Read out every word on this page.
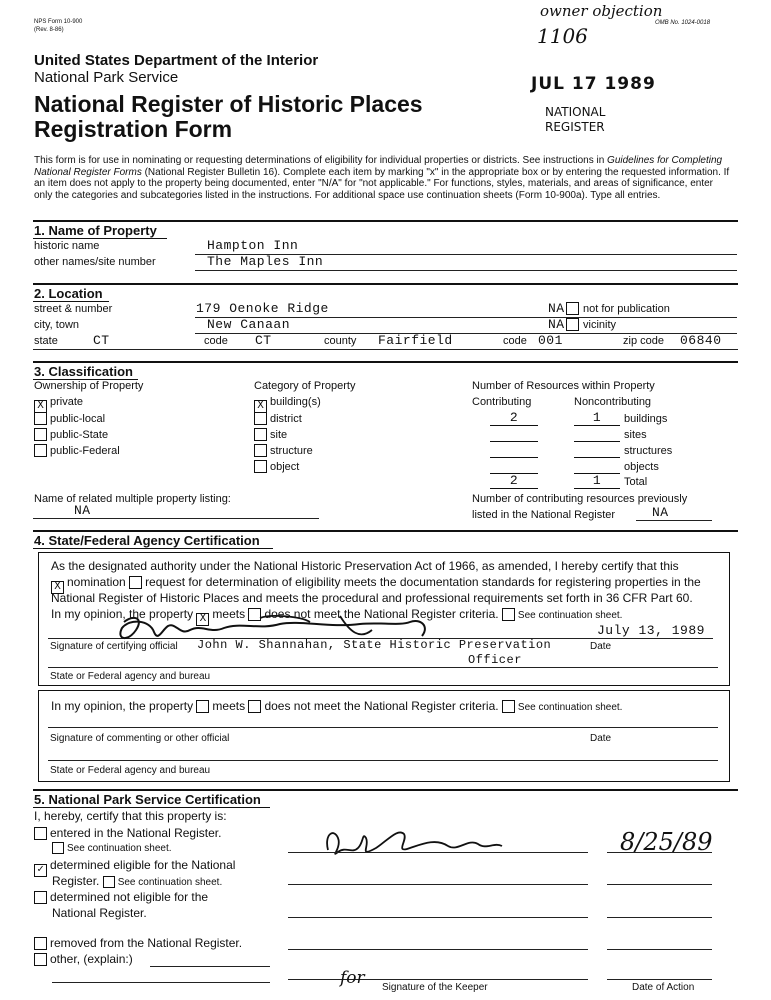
NPS Form 10-900
(Rev. 8-86)
OMB No. 1024-0018
owner objection
1106
United States Department of the Interior
National Park Service
National Register of Historic Places
Registration Form
JUL 17 1989
NATIONAL
REGISTER
This form is for use in nominating or requesting determinations of eligibility for individual properties or districts. See instructions in Guidelines for Completing National Register Forms (National Register Bulletin 16). Complete each item by marking "x" in the appropriate box or by entering the requested information. If an item does not apply to the property being documented, enter "N/A" for "not applicable." For functions, styles, materials, and areas of significance, enter only the categories and subcategories listed in the instructions. For additional space use continuation sheets (Form 10-900a). Type all entries.
1. Name of Property
historic name	Hampton Inn
other names/site number	The Maples Inn
2. Location
street & number	179 Oenoke Ridge	NA not for publication
city, town	New Canaan	NA vicinity
state	CT	code CT	county Fairfield	code 001	zip code 06840
3. Classification
Ownership of Property	Category of Property	Number of Resources within Property
X private
public-local
public-State
public-Federal
X building(s)
district
site
structure
object
Contributing	Noncontributing
2	1	buildings
sites
structures
objects
2	1	Total
Name of related multiple property listing:
NA
Number of contributing resources previously
listed in the National Register	NA
4. State/Federal Agency Certification
As the designated authority under the National Historic Preservation Act of 1966, as amended, I hereby certify that this
X nomination request for determination of eligibility meets the documentation standards for registering properties in the
National Register of Historic Places and meets the procedural and professional requirements set forth in 36 CFR Part 60.
In my opinion, the property X meets does not meet the National Register criteria. See continuation sheet.
July 13, 1989
Signature of certifying official John W. Shannahan, State Historic Preservation
Officer
Date
State or Federal agency and bureau
In my opinion, the property meets does not meet the National Register criteria. See continuation sheet.
Signature of commenting or other official	Date
State or Federal agency and bureau
5. National Park Service Certification
I, hereby, certify that this property is:
entered in the National Register.
See continuation sheet.
✓ determined eligible for the National
Register. See continuation sheet.
determined not eligible for the
National Register.
removed from the National Register.
other, (explain:)
8/25/89
for Signature of the Keeper	Date of Action
